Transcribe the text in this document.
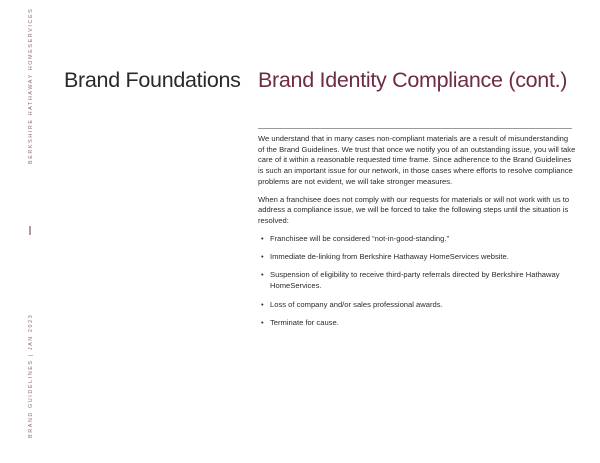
BERKSHIRE HATHAWAY HOMESERVICES
BRAND GUIDELINES | JAN 2023
Brand Foundations Brand Identity Compliance (cont.)

We understand that in many cases non-compliant materials are a result of misunderstanding of the Brand Guidelines. We trust that once we notify you of an outstanding issue, you will take care of it within a reasonable requested time frame. Since adherence to the Brand Guidelines is such an important issue for our network, in those cases where efforts to resolve compliance problems are not evident, we will take stronger measures.

When a franchisee does not comply with our requests for materials or will not work with us to address a compliance issue, we will be forced to take the following steps until the situation is resolved:

• Franchisee will be considered “not-in-good-standing.”
• Immediate de-linking from Berkshire Hathaway HomeServices website.
• Suspension of eligibility to receive third-party referrals directed by Berkshire Hathaway HomeServices.
• Loss of company and/or sales professional awards.
• Terminate for cause.
